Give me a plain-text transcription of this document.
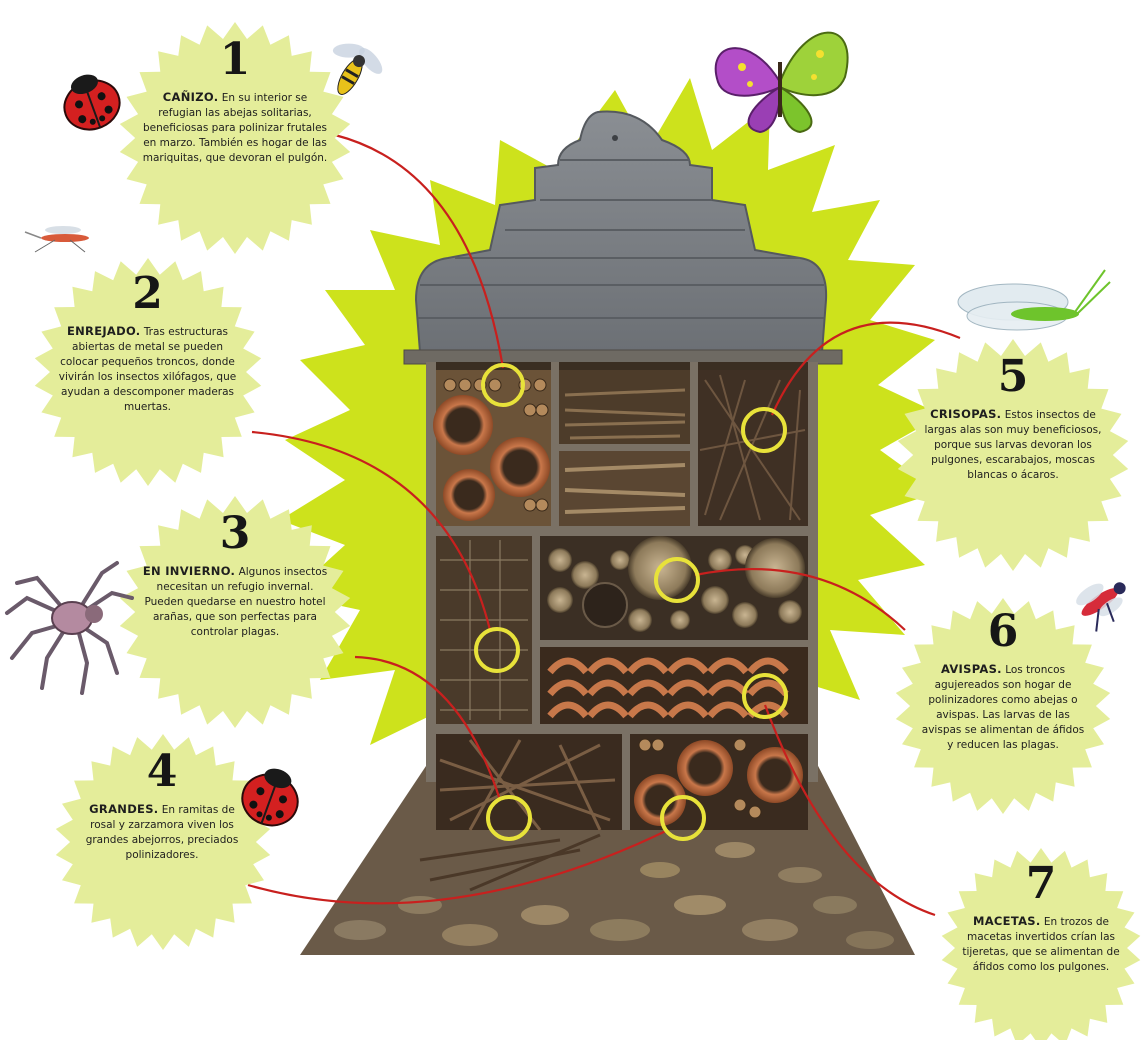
1
CAÑIZO. En su interior se refugian las abejas solitarias, beneficiosas para polinizar frutales en marzo. También es hogar de las mariquitas, que devoran el pulgón.
2
ENREJADO. Tras estructuras abiertas de metal se pueden colocar pequeños troncos, donde vivirán los insectos xilófagos, que ayudan a descomponer maderas muertas.
3
EN INVIERNO. Algunos insectos necesitan un refugio invernal. Pueden quedarse en nuestro hotel arañas, que son perfectas para controlar plagas.
4
GRANDES. En ramitas de rosal y zarzamora viven los grandes abejorros, preciados polinizadores.
5
CRISOPAS. Estos insectos de largas alas son muy beneficiosos, porque sus larvas devoran los pulgones, escarabajos, moscas blancas o ácaros.
6
AVISPAS. Los troncos agujereados son hogar de polinizadores como abejas o avispas. Las larvas de las avispas se alimentan de áfidos y reducen las plagas.
7
MACETAS. En trozos de macetas invertidos crían las tijeretas, que se alimentan de áfidos como los pulgones.
